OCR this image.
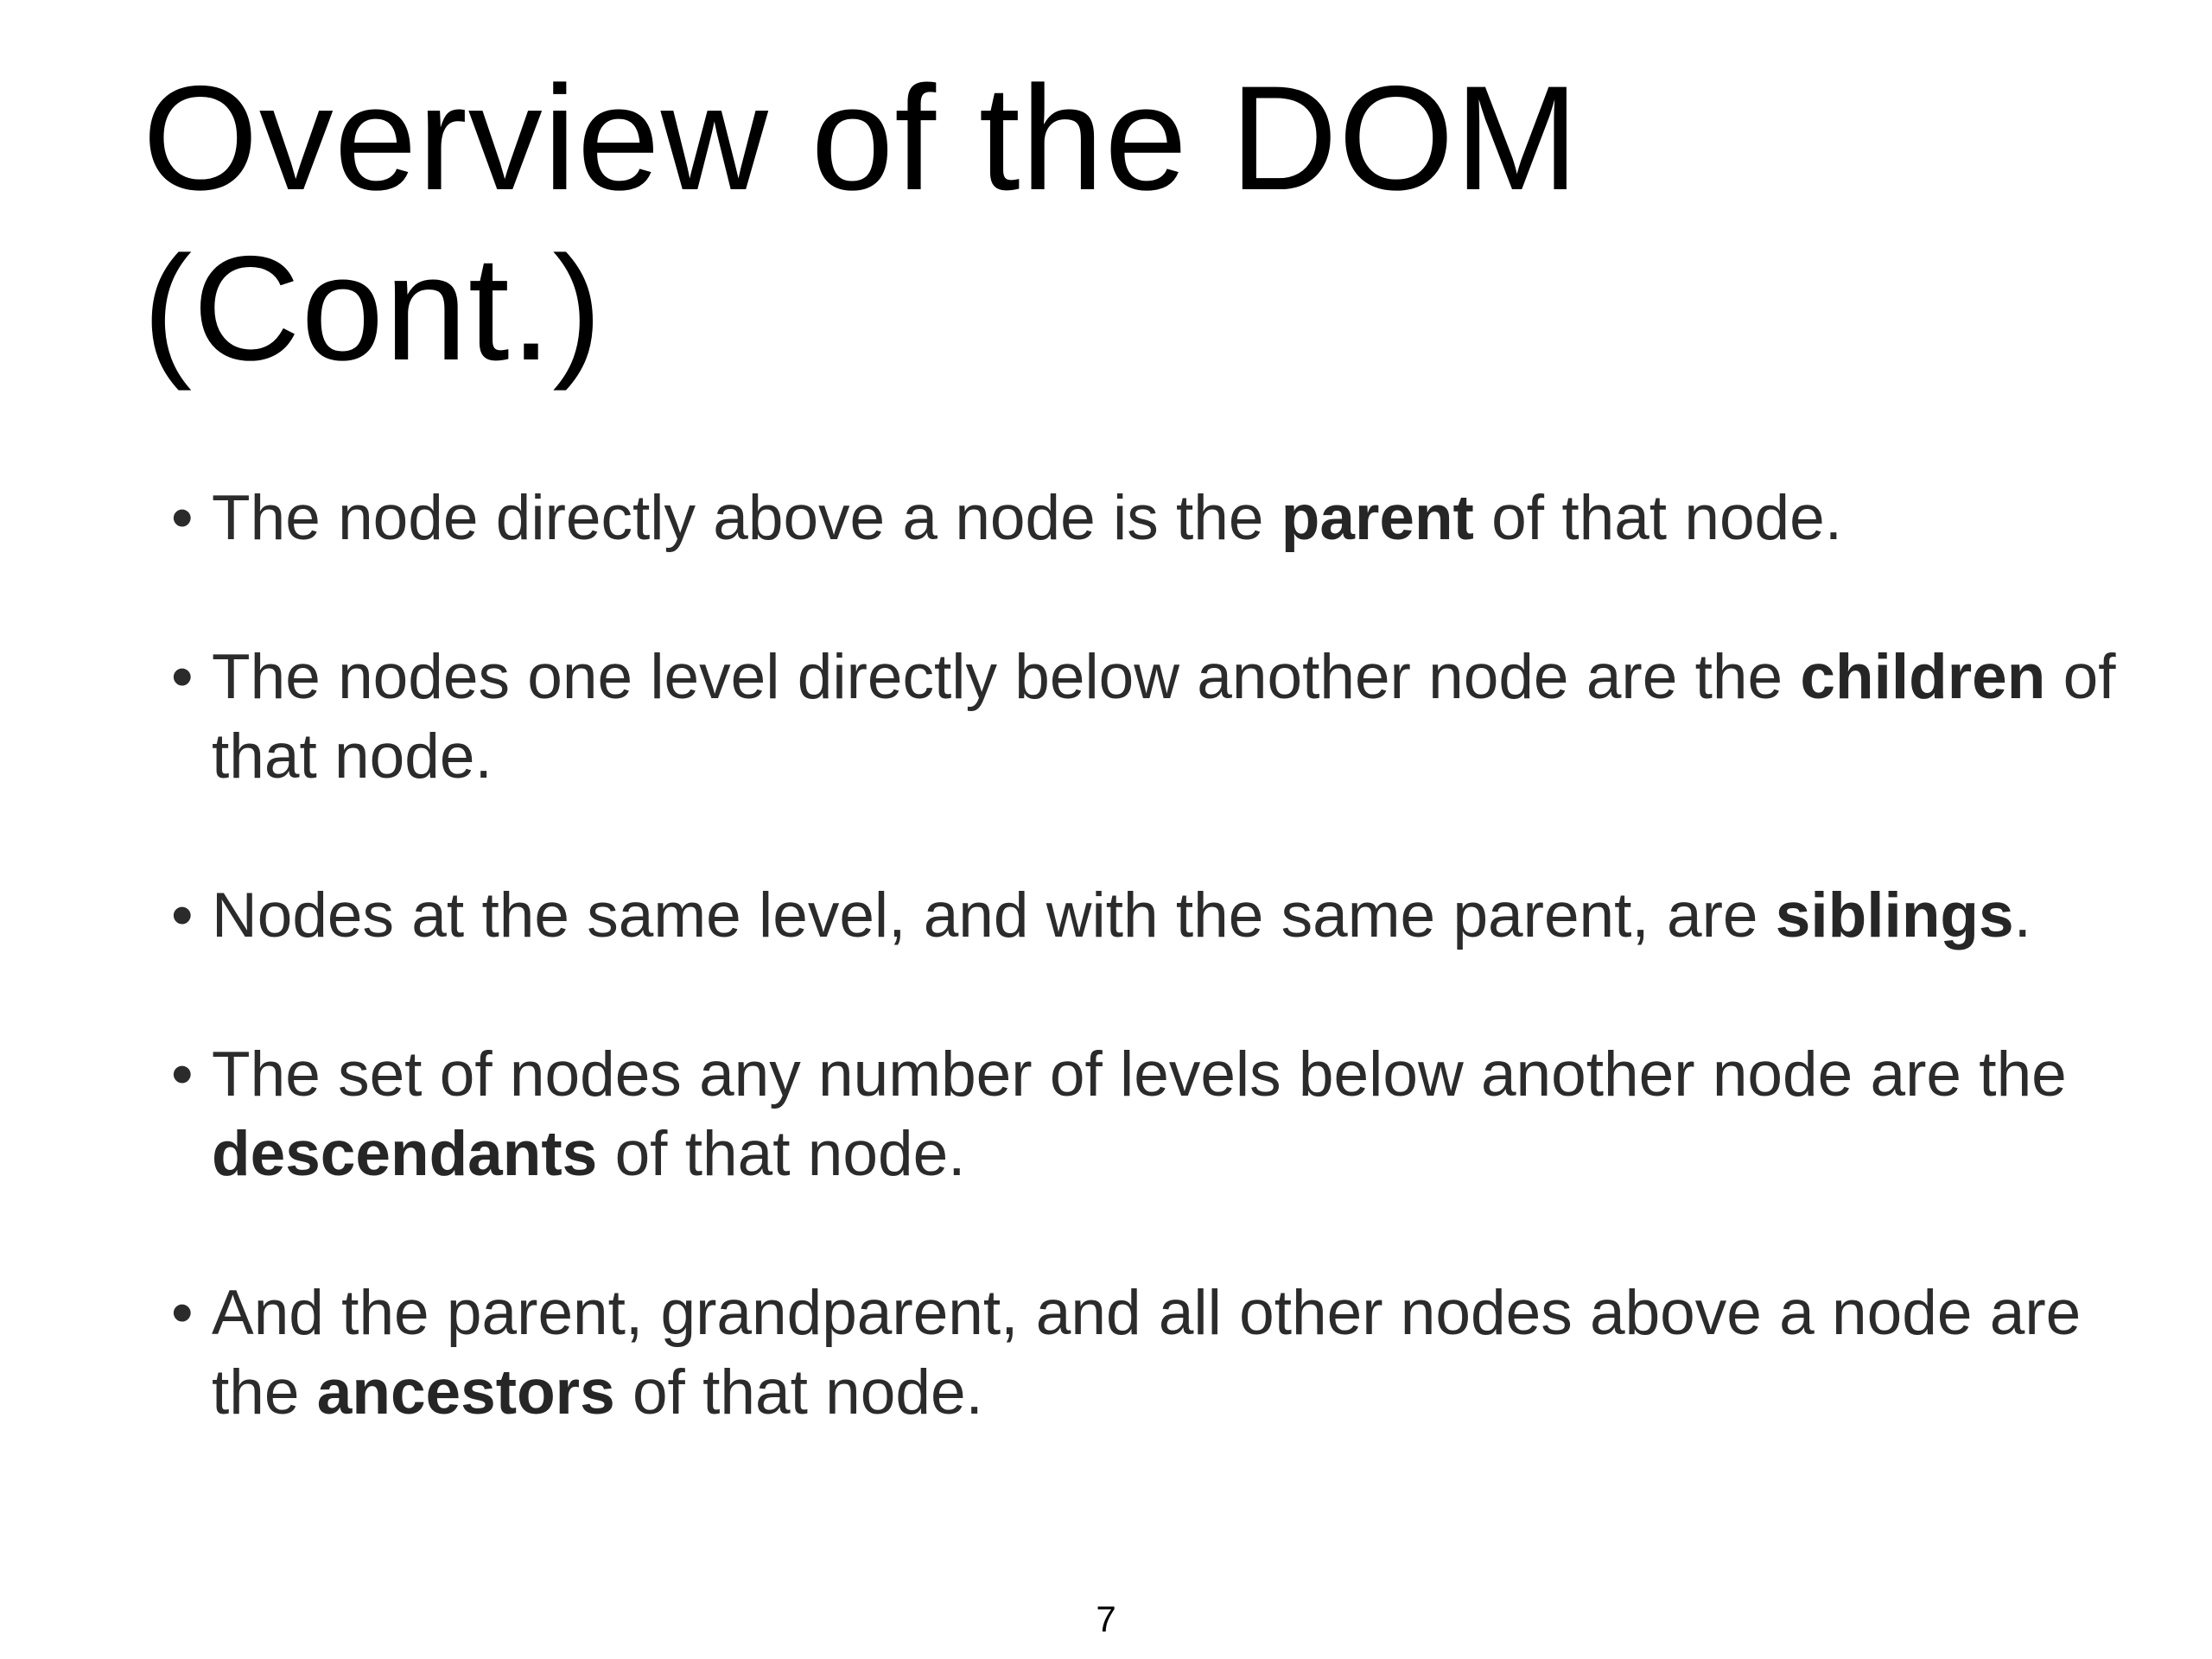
Overview of the DOM
(Cont.)
• The node directly above a node is the parent of that node.
• The nodes one level directly below another node are the children of that node.
• Nodes at the same level, and with the same parent, are siblings.
• The set of nodes any number of levels below another node are the descendants of that node.
• And the parent, grandparent, and all other nodes above a node are the ancestors of that node.
7
